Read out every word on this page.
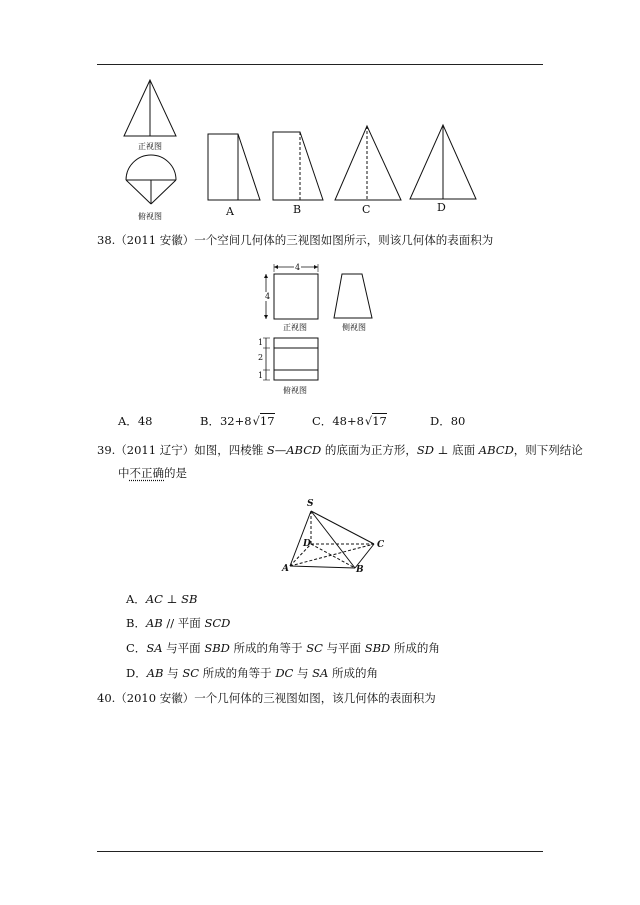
正视图
俯视图	A	B	C	D
38.（2011 安徽）一个空间几何体的三视图如图所示，则该几何体的表面积为
4
4
正视图	侧视图
1
2
1
俯视图
A．48	B．32+8√17	C．48+8√17	D．80
39.（2011 辽宁）如图，四棱锥 S—ABCD 的底面为正方形，SD ⊥ 底面 ABCD，则下列结论
中不正确的是
S
D	C
A	B
A．AC ⊥ SB
B．AB // 平面 SCD
C．SA 与平面 SBD 所成的角等于 SC 与平面 SBD 所成的角
D．AB 与 SC 所成的角等于 DC 与 SA 所成的角
40.（2010 安徽）一个几何体的三视图如图，该几何体的表面积为
